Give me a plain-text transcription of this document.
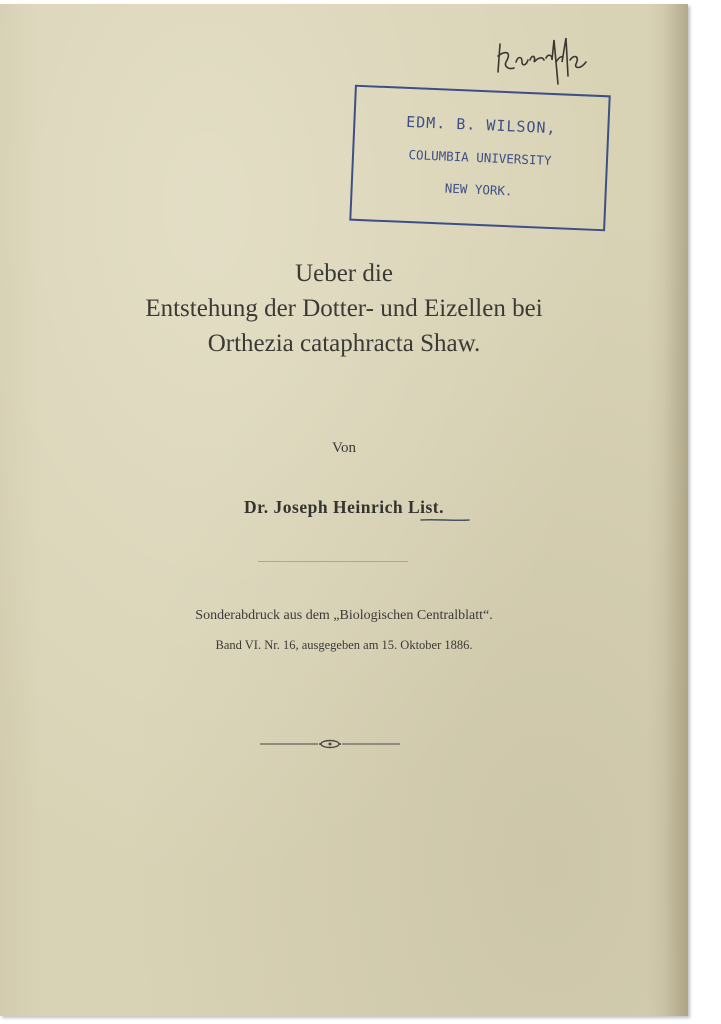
EDM. B. WILSON,
COLUMBIA UNIVERSITY
NEW YORK.
Ueber die
Entstehung der Dotter- und Eizellen bei
Orthezia cataphracta Shaw.
Von
Dr. Joseph Heinrich List.
Sonderabdruck aus dem „Biologischen Centralblatt“.
Band VI. Nr. 16, ausgegeben am 15. Oktober 1886.
